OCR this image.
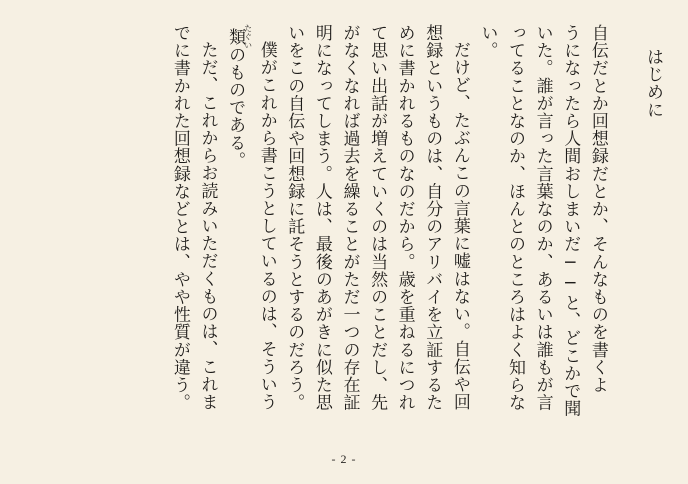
はじめに
自伝だとか回想録だとか、そんなものを書くよ
うになったら人間おしまいだ──と、どこかで聞
いた。誰が言った言葉なのか、あるいは誰もが言
ってることなのか、ほんとのところはよく知らな
い。
だけど、たぶんこの言葉に嘘はない。自伝や回
想録というものは、自分のアリバイを立証するた
めに書かれるものなのだから。歳を重ねるにつれ
て思い出話が増えていくのは当然のことだし、先
がなくなれば過去を繰ることがただ一つの存在証
明になってしまう。人は、最後のあがきに似た思
いをこの自伝や回想録に託そうとするのだろう。
僕がこれから書こうとしているのは、そういう
類たぐいのものである。
ただ、これからお読みいただくものは、これま
でに書かれた回想録などとは、やや性質が違う。
- 2 -
